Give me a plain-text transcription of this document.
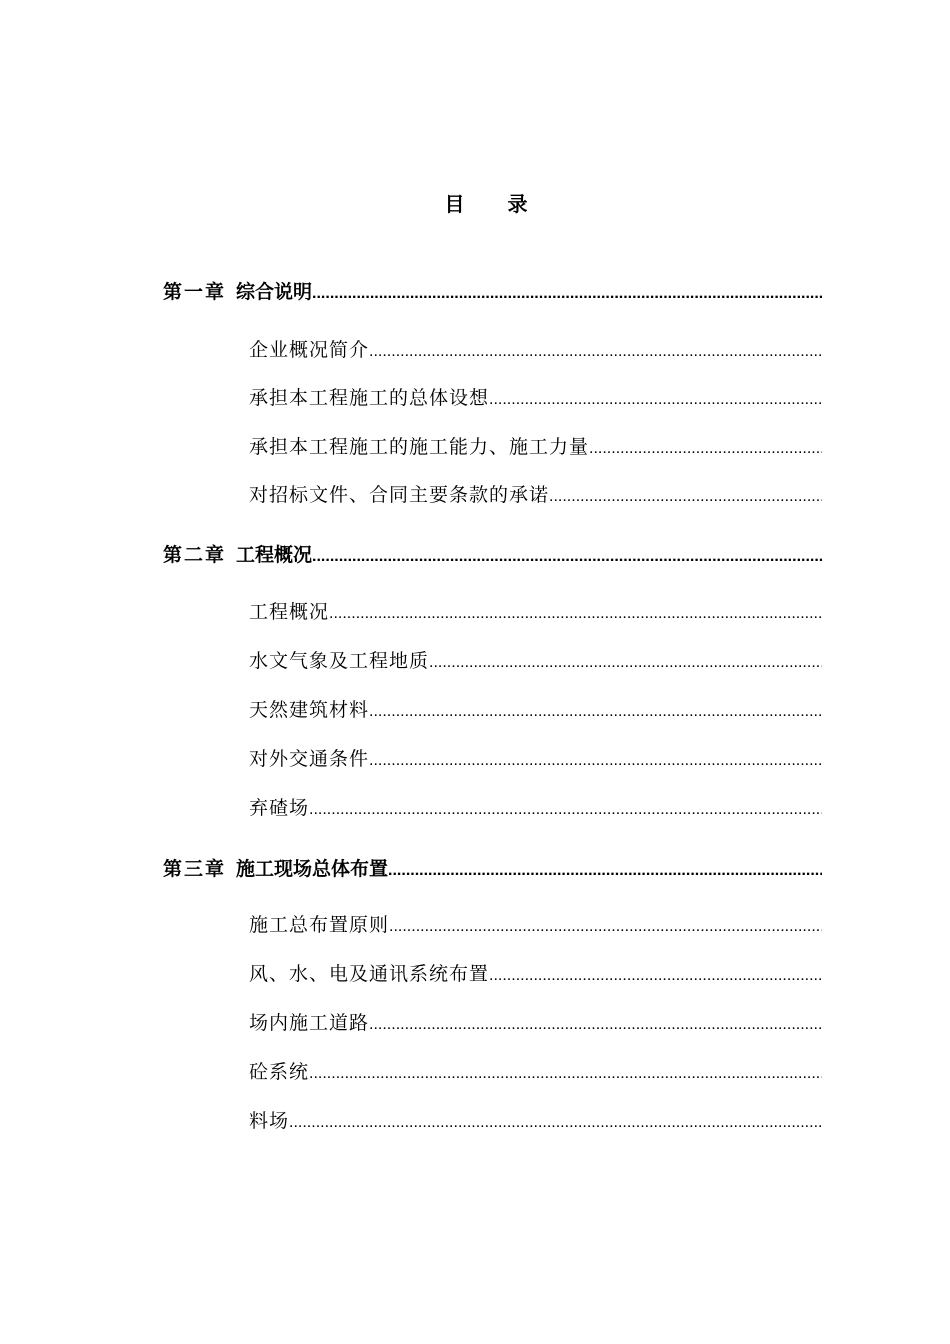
目 录
第一章 综合说明
.....
企业概况简介
.....
承担本工程施工的总体设想
.....
承担本工程施工的施工能力、施工力量
.....
对招标文件、合同主要条款的承诺
.....
第二章 工程概况
.....
工程概况
.....
水文气象及工程地质
.....
天然建筑材料
.....
对外交通条件
.....
弃碴场
.....
第三章 施工现场总体布置
.....
施工总布置原则
.....
风、水、电及通讯系统布置
.....
场内施工道路
.....
砼系统
.....
料场
.....
